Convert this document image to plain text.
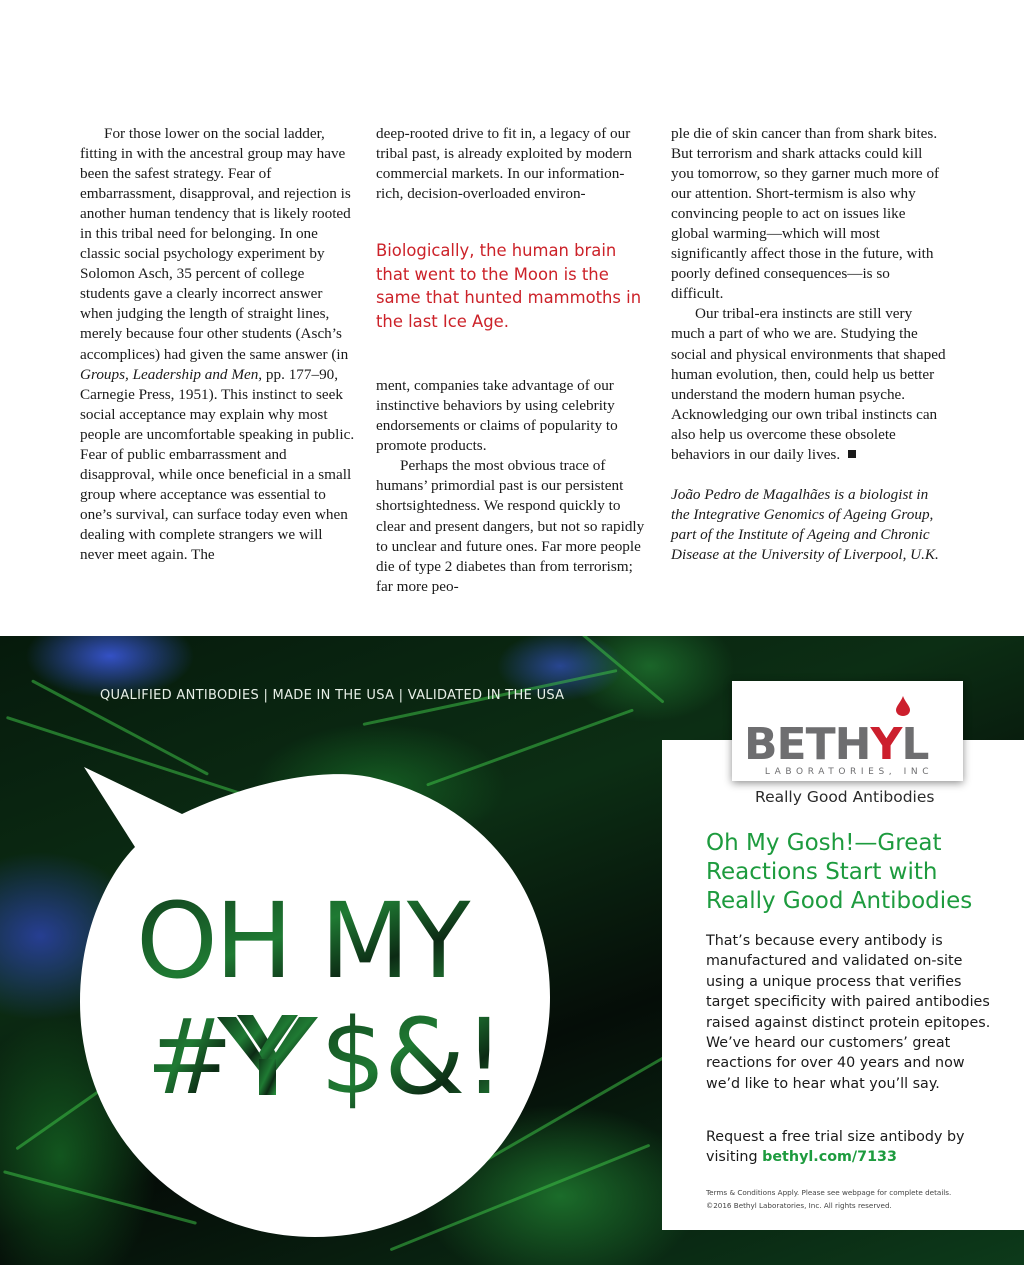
For those lower on the social ladder, fitting in with the ancestral group may have been the safest strategy. Fear of embarrassment, disapproval, and rejection is another human tendency that is likely rooted in this tribal need for belonging. In one classic social psychology experiment by Solomon Asch, 35 percent of college students gave a clearly incorrect answer when judging the length of straight lines, merely because four other students (Asch’s accomplices) had given the same answer (in Groups, Leadership and Men, pp. 177–90, Carnegie Press, 1951). This instinct to seek social acceptance may explain why most people are uncomfortable speaking in public. Fear of public embarrassment and disapproval, while once beneficial in a small group where acceptance was essential to one’s survival, can surface today even when dealing with complete strangers we will never meet again. The

deep-rooted drive to fit in, a legacy of our tribal past, is already exploited by modern commercial markets. In our information-rich, decision-overloaded environ-

Biologically, the human brain that went to the Moon is the same that hunted mammoths in the last Ice Age.

ment, companies take advantage of our instinctive behaviors by using celebrity endorsements or claims of popularity to promote products.

Perhaps the most obvious trace of humans’ primordial past is our persistent shortsightedness. We respond quickly to clear and present dangers, but not so rapidly to unclear and future ones. Far more people die of type 2 diabetes than from terrorism; far more peo-

ple die of skin cancer than from shark bites. But terrorism and shark attacks could kill you tomorrow, so they garner much more of our attention. Short-termism is also why convincing people to act on issues like global warming—which will most significantly affect those in the future, with poorly defined consequences—is so difficult.

Our tribal-era instincts are still very much a part of who we are. Studying the social and physical environments that shaped human evolution, then, could help us better understand the modern human psyche. Acknowledging our own tribal instincts can also help us overcome these obsolete behaviors in our daily lives.

João Pedro de Magalhães is a biologist in the Integrative Genomics of Ageing Group, part of the Institute of Ageing and Chronic Disease at the University of Liverpool, U.K.

QUALIFIED ANTIBODIES | MADE IN THE USA | VALIDATED IN THE USA
OH MY
# $&!
BETHYL
LABORATORIES, INC
Really Good Antibodies
Oh My Gosh!—Great Reactions Start with Really Good Antibodies

That’s because every antibody is manufactured and validated on-site using a unique process that verifies target specificity with paired antibodies raised against distinct protein epitopes. We’ve heard our customers’ great reactions for over 40 years and now we’d like to hear what you’ll say.

Request a free trial size antibody by visiting bethyl.com/7133

Terms & Conditions Apply. Please see webpage for complete details.
©2016 Bethyl Laboratories, Inc. All rights reserved.
